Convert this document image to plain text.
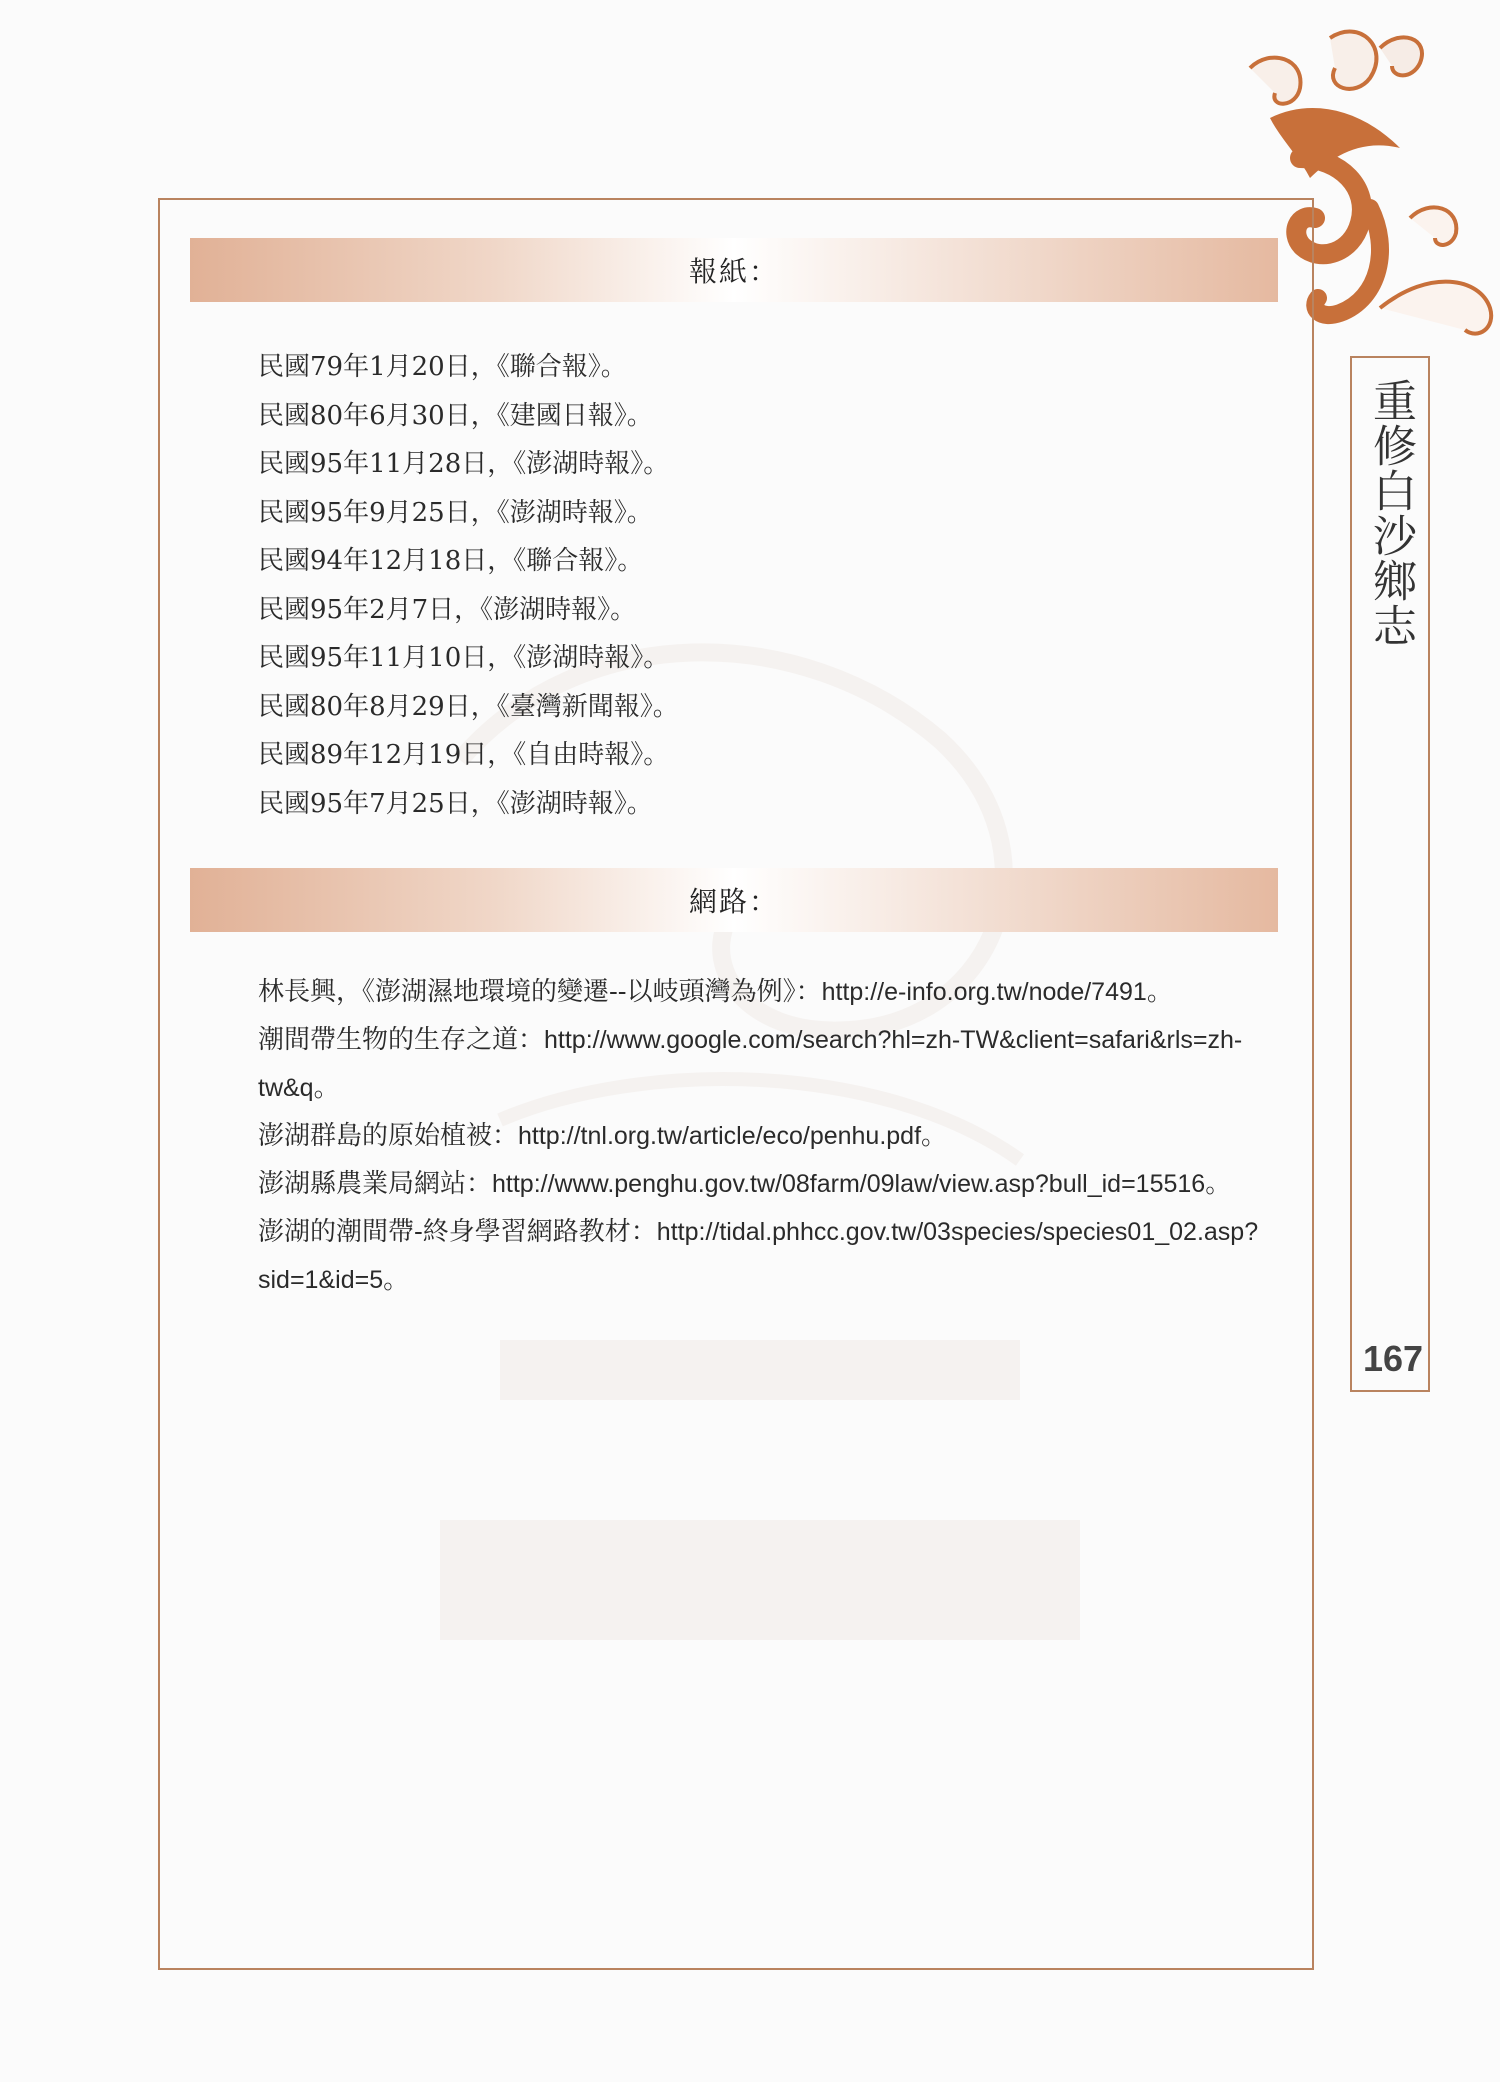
報紙：
民國79年1月20日，《聯合報》。
民國80年6月30日，《建國日報》。
民國95年11月28日，《澎湖時報》。
民國95年9月25日，《澎湖時報》。
民國94年12月18日，《聯合報》。
民國95年2月7日，《澎湖時報》。
民國95年11月10日，《澎湖時報》。
民國80年8月29日，《臺灣新聞報》。
民國89年12月19日，《自由時報》。
民國95年7月25日，《澎湖時報》。
網路：
林長興，《澎湖濕地環境的變遷--以岐頭灣為例》：http://e-info.org.tw/node/7491。
潮間帶生物的生存之道：http://www.google.com/search?hl=zh-TW&client=safari&rls=zh-tw&q。
澎湖群島的原始植被：http://tnl.org.tw/article/eco/penhu.pdf。
澎湖縣農業局網站：http://www.penghu.gov.tw/08farm/09law/view.asp?bull_id=15516。
澎湖的潮間帶-終身學習網路教材：http://tidal.phhcc.gov.tw/03species/species01_02.asp?sid=1&id=5。
重修白沙鄉志
167
